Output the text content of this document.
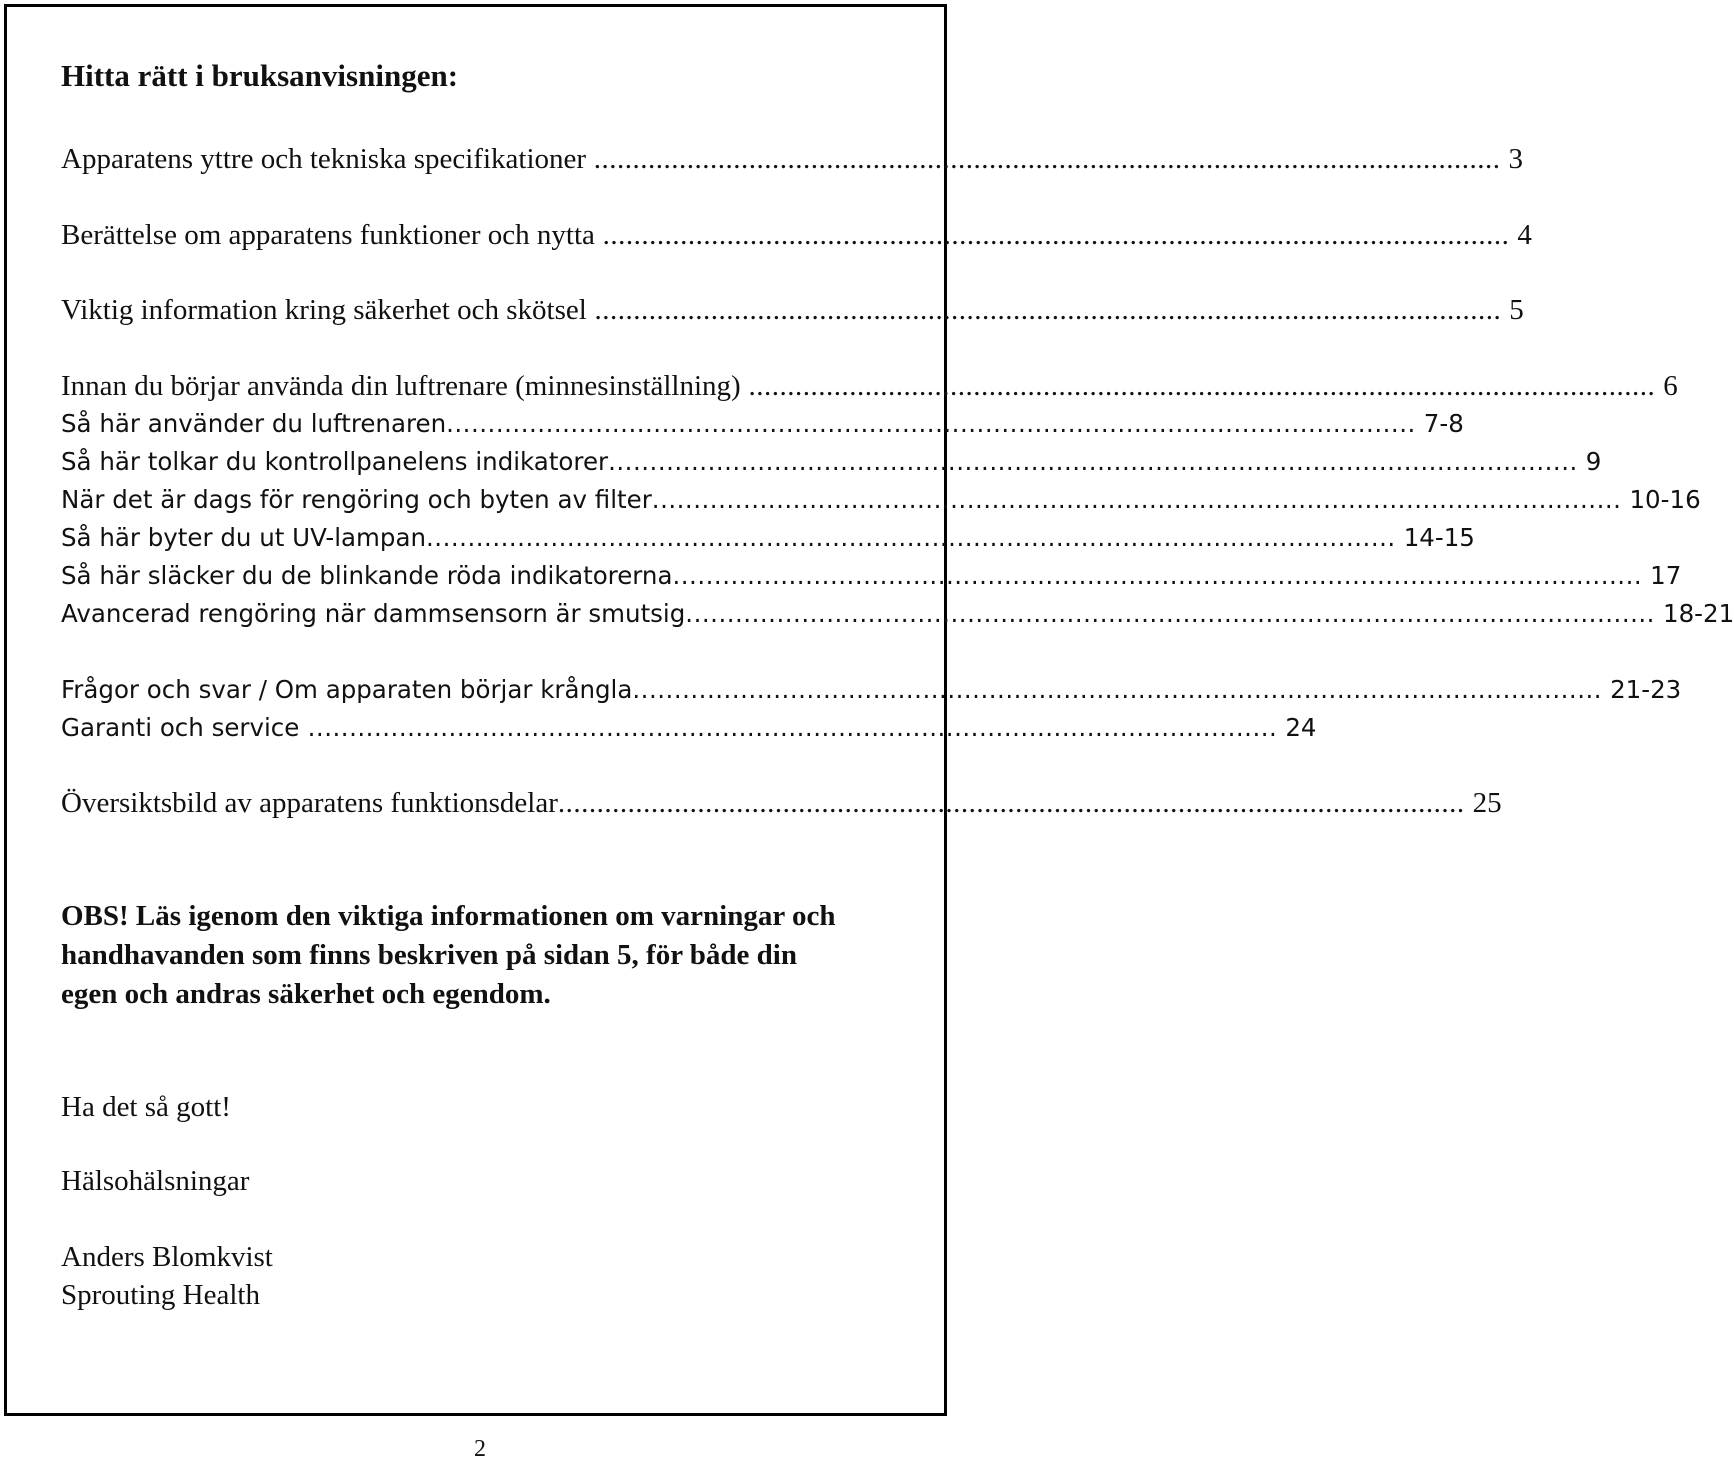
Hitta rätt i bruksanvisningen:
Apparatens yttre och tekniska specifikationer ..................................................................................................................... 3
Berättelse om apparatens funktioner och nytta ..................................................................................................................... 4
Viktig information kring säkerhet och skötsel ..................................................................................................................... 5
Innan du börjar använda din luftrenare (minnesinställning) ..................................................................................................................... 6
Så här använder du luftrenaren ..................................................................................................................... 7-8
Så här tolkar du kontrollpanelens indikatorer ..................................................................................................................... 9
När det är dags för rengöring och byten av filter ..................................................................................................................... 10-16
Så här byter du ut UV-lampan ..................................................................................................................... 14-15
Så här släcker du de blinkande röda indikatorerna ..................................................................................................................... 17
Avancerad rengöring när dammsensorn är smutsig ..................................................................................................................... 18-21
Frågor och svar / Om apparaten börjar krångla ..................................................................................................................... 21-23
Garanti och service ..................................................................................................................... 24
Översiktsbild av apparatens funktionsdelar ..................................................................................................................... 25
OBS! Läs igenom den viktiga informationen om varningar och
handhavanden som finns beskriven på sidan 5, för både din
egen och andras säkerhet och egendom.
Ha det så gott!
Hälsohälsningar
Anders Blomkvist
Sprouting Health
2
